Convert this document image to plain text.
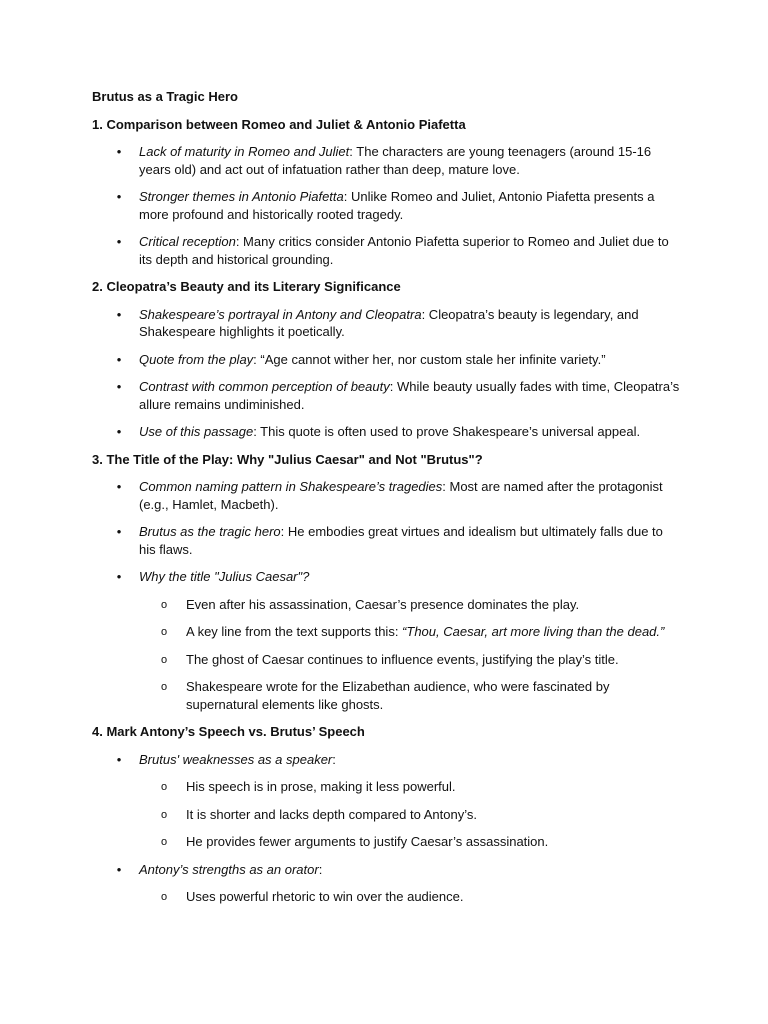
Brutus as a Tragic Hero
1. Comparison between Romeo and Juliet & Antonio Piafetta
• Lack of maturity in Romeo and Juliet: The characters are young teenagers (around 15-16 years old) and act out of infatuation rather than deep, mature love.
• Stronger themes in Antonio Piafetta: Unlike Romeo and Juliet, Antonio Piafetta presents a more profound and historically rooted tragedy.
• Critical reception: Many critics consider Antonio Piafetta superior to Romeo and Juliet due to its depth and historical grounding.
2. Cleopatra’s Beauty and its Literary Significance
• Shakespeare’s portrayal in Antony and Cleopatra: Cleopatra’s beauty is legendary, and Shakespeare highlights it poetically.
• Quote from the play: “Age cannot wither her, nor custom stale her infinite variety.”
• Contrast with common perception of beauty: While beauty usually fades with time, Cleopatra’s allure remains undiminished.
• Use of this passage: This quote is often used to prove Shakespeare’s universal appeal.
3. The Title of the Play: Why "Julius Caesar" and Not "Brutus"?
• Common naming pattern in Shakespeare’s tragedies: Most are named after the protagonist (e.g., Hamlet, Macbeth).
• Brutus as the tragic hero: He embodies great virtues and idealism but ultimately falls due to his flaws.
• Why the title "Julius Caesar"?
o Even after his assassination, Caesar’s presence dominates the play.
o A key line from the text supports this: “Thou, Caesar, art more living than the dead.”
o The ghost of Caesar continues to influence events, justifying the play’s title.
o Shakespeare wrote for the Elizabethan audience, who were fascinated by supernatural elements like ghosts.
4. Mark Antony’s Speech vs. Brutus’ Speech
• Brutus' weaknesses as a speaker:
o His speech is in prose, making it less powerful.
o It is shorter and lacks depth compared to Antony’s.
o He provides fewer arguments to justify Caesar’s assassination.
• Antony’s strengths as an orator:
o Uses powerful rhetoric to win over the audience.
